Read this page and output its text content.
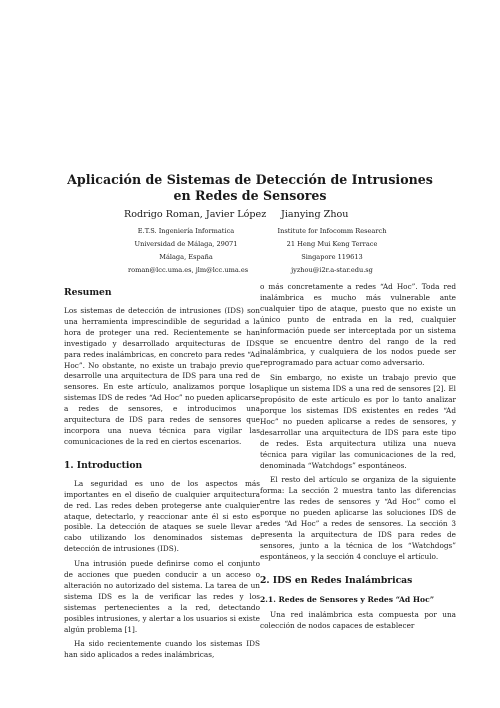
Aplicación de Sistemas de Detección de Intrusiones en Redes de Sensores
Rodrigo Roman, Javier López Jianying Zhou
E.T.S. Ingeniería Informatica
Universidad de Málaga, 29071
Málaga, España
roman@lcc.uma.es, jlm@lcc.uma.es
Institute for Infocomm Research
21 Heng Mui Keng Terrace
Singapore 119613
jyzhou@i2r.a-star.edu.sg
Resumen

Los sistemas de detección de intrusiones (IDS) son una herramienta imprescindible de seguridad a la hora de proteger una red. Recientemente se han investigado y desarrollado arquitecturas de IDS para redes inalámbricas, en concreto para redes “Ad Hoc”. No obstante, no existe un trabajo previo que desarrolle una arquitectura de IDS para una red de sensores. En este artículo, analizamos porque los sistemas IDS de redes “Ad Hoc” no pueden aplicarse a redes de sensores, e introducimos una arquitectura de IDS para redes de sensores que incorpora una nueva técnica para vigilar las comunicaciones de la red en ciertos escenarios.

1. Introduction

La seguridad es uno de los aspectos más importantes en el diseño de cualquier arquitectura de red. Las redes deben protegerse ante cualquier ataque, detectarlo, y reaccionar ante él si esto es posible. La detección de ataques se suele llevar a cabo utilizando los denominados sistemas de detección de intrusiones (IDS).

Una intrusión puede definirse como el conjunto de acciones que pueden conducir a un acceso o alteración no autorizado del sistema. La tarea de un sistema IDS es la de verificar las redes y los sistemas pertenecientes a la red, detectando posibles intrusiones, y alertar a los usuarios si existe algún problema [1].

Ha sido recientemente cuando los sistemas IDS han sido aplicados a redes inalámbricas,

o más concretamente a redes “Ad Hoc”. Toda red inalámbrica es mucho más vulnerable ante cualquier tipo de ataque, puesto que no existe un único punto de entrada en la red, cualquier información puede ser interceptada por un sistema que se encuentre dentro del rango de la red inalámbrica, y cualquiera de los nodos puede ser reprogramado para actuar como adversario.

Sin embargo, no existe un trabajo previo que aplique un sistema IDS a una red de sensores [2]. El propósito de este artículo es por lo tanto analizar porque los sistemas IDS existentes en redes “Ad Hoc” no pueden aplicarse a redes de sensores, y desarrollar una arquitectura de IDS para este tipo de redes. Esta arquitectura utiliza una nueva técnica para vigilar las comunicaciones de la red, denominada “Watchdogs” espontáneos.

El resto del artículo se organiza de la siguiente forma: La sección 2 muestra tanto las diferencias entre las redes de sensores y “Ad Hoc” como el porque no pueden aplicarse las soluciones IDS de redes “Ad Hoc” a redes de sensores. La sección 3 presenta la arquitectura de IDS para redes de sensores, junto a la técnica de los “Watchdogs” espontáneos, y la sección 4 concluye el artículo.

2. IDS en Redes Inalámbricas
2.1. Redes de Sensores y Redes “Ad Hoc”

Una red inalámbrica esta compuesta por una colección de nodos capaces de establecer
